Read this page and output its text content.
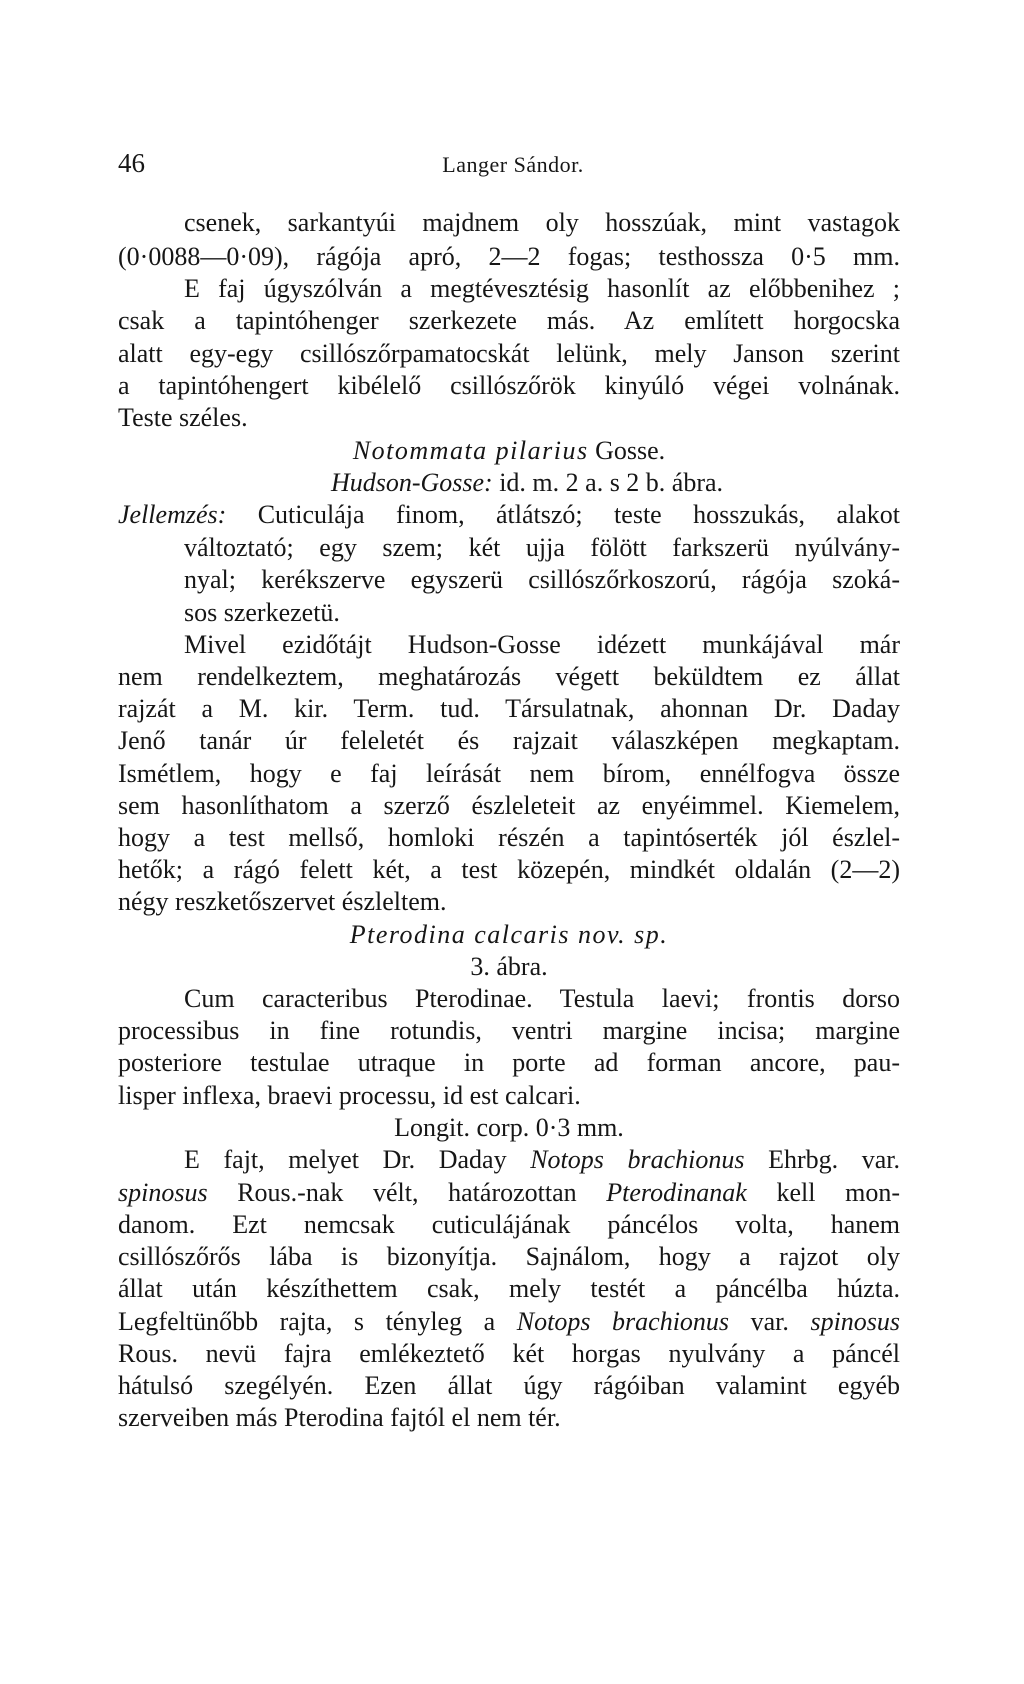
46	Langer Sándor.
csenek, sarkantyúi majdnem oly hosszúak, mint vastagok
(0·0088—0·09), rágója apró, 2—2 fogas; testhossza 0·5 mm.
E faj úgyszólván a megtévesztésig hasonlít az előbbenihez ;
csak a tapintóhenger szerkezete más. Az említett horgocska
alatt egy-egy csillószőrpamatocskát lelünk, mely Janson szerint
a tapintóhengert kibélelő csillószőrök kinyúló végei volnának.
Teste széles.
Notommata pilarius Gosse.
Hudson-Gosse: id. m. 2 a. s 2 b. ábra.
Jellemzés: Cuticulája finom, átlátszó; teste hosszukás, alakot
változtató; egy szem; két ujja fölött farkszerü nyúlvány-
nyal; kerékszerve egyszerü csillószőrkoszorú, rágója szoká-
sos szerkezetü.
Mivel ezidőtájt Hudson-Gosse idézett munkájával már
nem rendelkeztem, meghatározás végett beküldtem ez állat
rajzát a M. kir. Term. tud. Társulatnak, ahonnan Dr. Daday
Jenő tanár úr feleletét és rajzait válaszképen megkaptam.
Ismétlem, hogy e faj leírását nem bírom, ennélfogva össze
sem hasonlíthatom a szerző észleleteit az enyéimmel. Kiemelem,
hogy a test mellső, homloki részén a tapintóserték jól észlel-
hetők; a rágó felett két, a test közepén, mindkét oldalán (2—2)
négy reszketőszervet észleltem.
Pterodina calcaris nov. sp.
3. ábra.
Cum caracteribus Pterodinae. Testula laevi; frontis dorso
processibus in fine rotundis, ventri margine incisa; margine
posteriore testulae utraque in porte ad forman ancore, pau-
lisper inflexa, braevi processu, id est calcari.
Longit. corp. 0·3 mm.
E fajt, melyet Dr. Daday Notops brachionus Ehrbg. var.
spinosus Rous.-nak vélt, határozottan Pterodinanak kell mon-
danom. Ezt nemcsak cuticulájának páncélos volta, hanem
csillószőrős lába is bizonyítja. Sajnálom, hogy a rajzot oly
állat után készíthettem csak, mely testét a páncélba húzta.
Legfeltünőbb rajta, s tényleg a Notops brachionus var. spinosus
Rous. nevü fajra emlékeztető két horgas nyulvány a páncél
hátulsó szegélyén. Ezen állat úgy rágóiban valamint egyéb
szerveiben más Pterodina fajtól el nem tér.
